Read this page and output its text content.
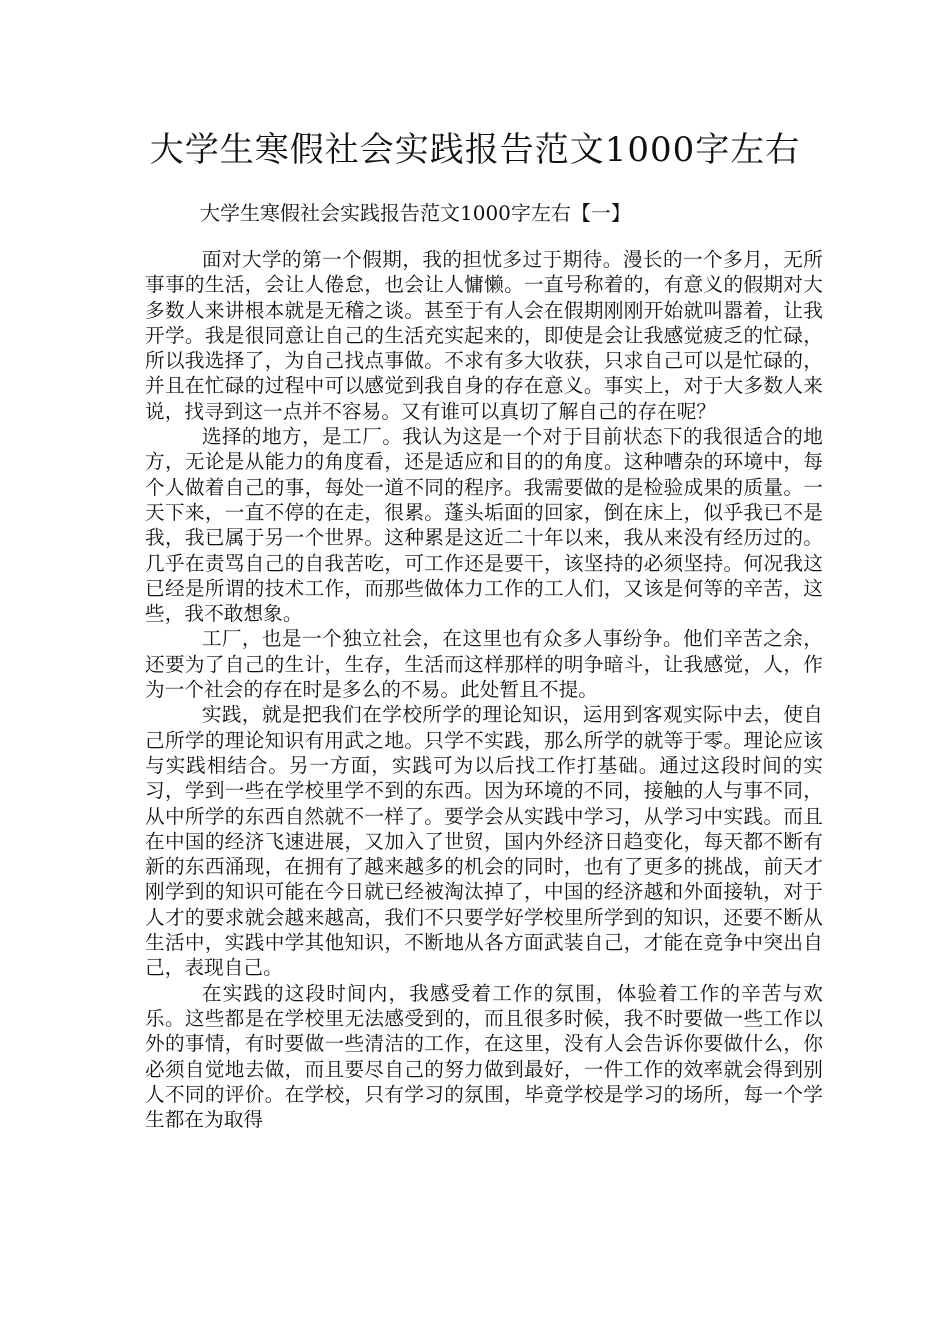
大学生寒假社会实践报告范文1000字左右
大学生寒假社会实践报告范文1000字左右【一】

面对大学的第一个假期，我的担忧多过于期待。漫长的一个多月，无所事事的生活，会让人倦怠，也会让人慵懒。一直号称着的，有意义的假期对大多数人来讲根本就是无稽之谈。甚至于有人会在假期刚刚开始就叫嚣着，让我开学。我是很同意让自己的生活充实起来的，即使是会让我感觉疲乏的忙碌，所以我选择了，为自己找点事做。不求有多大收获，只求自己可以是忙碌的，并且在忙碌的过程中可以感觉到我自身的存在意义。事实上，对于大多数人来说，找寻到这一点并不容易。又有谁可以真切了解自己的存在呢？

选择的地方，是工厂。我认为这是一个对于目前状态下的我很适合的地方，无论是从能力的角度看，还是适应和目的的角度。这种嘈杂的环境中，每个人做着自己的事，每处一道不同的程序。我需要做的是检验成果的质量。一天下来，一直不停的在走，很累。蓬头垢面的回家，倒在床上，似乎我已不是我，我已属于另一个世界。这种累是这近二十年以来，我从来没有经历过的。几乎在责骂自己的自我苦吃，可工作还是要干，该坚持的必须坚持。何况我这已经是所谓的技术工作，而那些做体力工作的工人们，又该是何等的辛苦，这些，我不敢想象。

工厂，也是一个独立社会，在这里也有众多人事纷争。他们辛苦之余，还要为了自己的生计，生存，生活而这样那样的明争暗斗，让我感觉，人，作为一个社会的存在时是多么的不易。此处暂且不提。

实践，就是把我们在学校所学的理论知识，运用到客观实际中去，使自己所学的理论知识有用武之地。只学不实践，那么所学的就等于零。理论应该与实践相结合。另一方面，实践可为以后找工作打基础。通过这段时间的实习，学到一些在学校里学不到的东西。因为环境的不同，接触的人与事不同，从中所学的东西自然就不一样了。要学会从实践中学习，从学习中实践。而且在中国的经济飞速进展，又加入了世贸，国内外经济日趋变化，每天都不断有新的东西涌现，在拥有了越来越多的机会的同时，也有了更多的挑战，前天才刚学到的知识可能在今日就已经被淘汰掉了，中国的经济越和外面接轨，对于人才的要求就会越来越高，我们不只要学好学校里所学到的知识，还要不断从生活中，实践中学其他知识，不断地从各方面武装自己，才能在竞争中突出自己，表现自己。

在实践的这段时间内，我感受着工作的氛围，体验着工作的辛苦与欢乐。这些都是在学校里无法感受到的，而且很多时候，我不时要做一些工作以外的事情，有时要做一些清洁的工作，在这里，没有人会告诉你要做什么，你必须自觉地去做，而且要尽自己的努力做到最好，一件工作的效率就会得到别人不同的评价。在学校，只有学习的氛围，毕竟学校是学习的场所，每一个学生都在为取得
